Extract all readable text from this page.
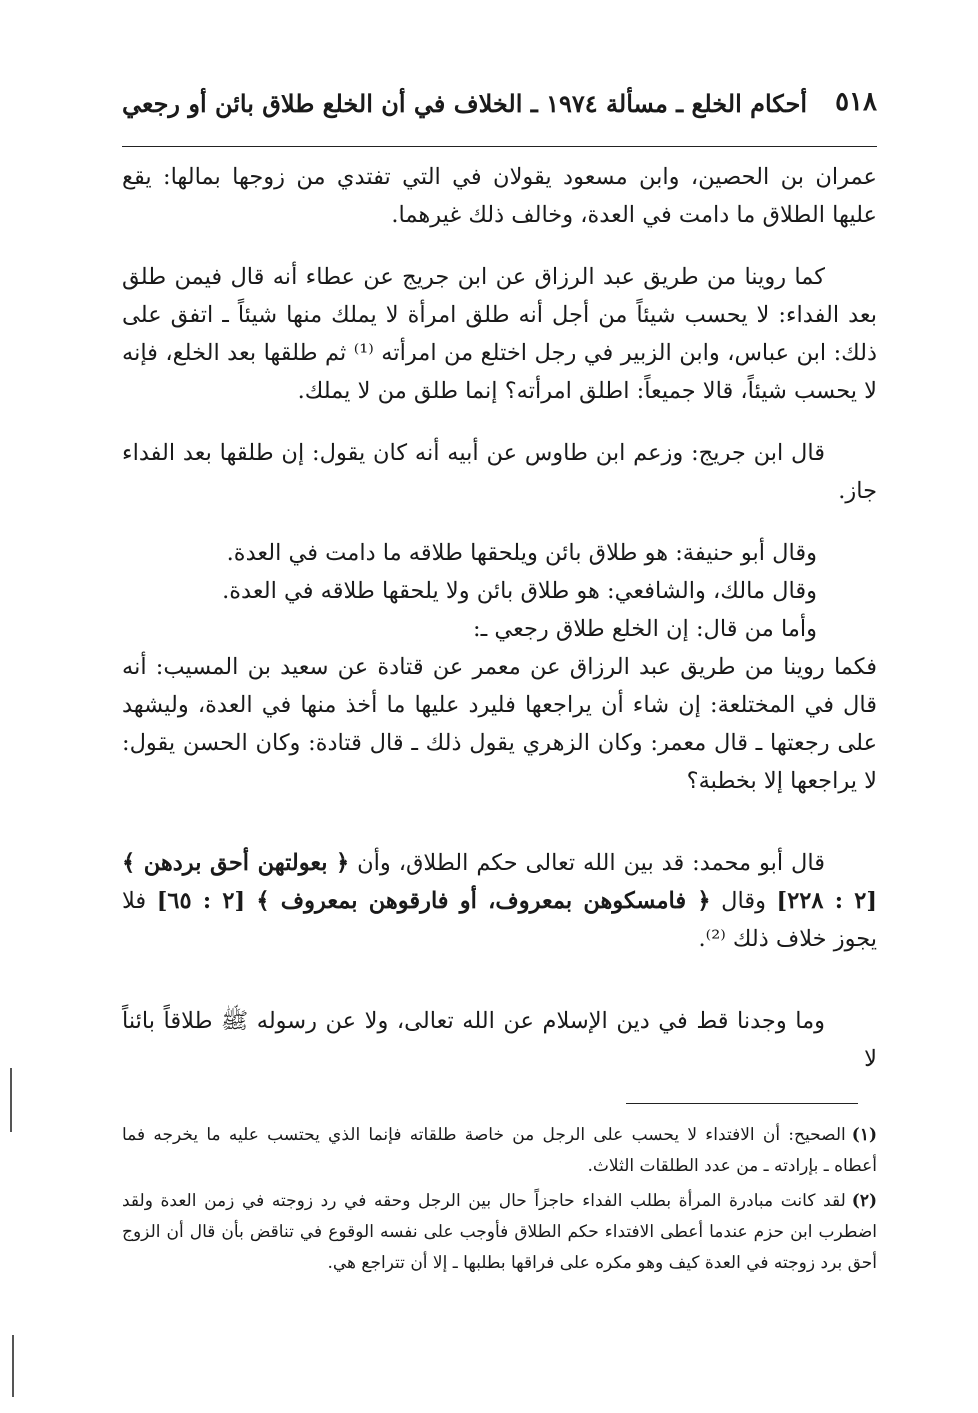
٥١٨
أحكام الخلع ـ مسألة ١٩٧٤ ـ الخلاف في أن الخلع طلاق بائن أو رجعي

عمران بن الحصين، وابن مسعود يقولان في التي تفتدي من زوجها بمالها: يقع عليها الطلاق ما دامت في العدة، وخالف ذلك غيرهما.

كما روينا من طريق عبد الرزاق عن ابن جريج عن عطاء أنه قال فيمن طلق بعد الفداء: لا يحسب شيئاً من أجل أنه طلق امرأة لا يملك منها شيئاً ـ اتفق على ذلك: ابن عباس، وابن الزبير في رجل اختلع من امرأته ⁽¹⁾ ثم طلقها بعد الخلع، فإنه لا يحسب شيئاً، قالا جميعاً: اطلق امرأته؟ إنما طلق من لا يملك.

قال ابن جريج: وزعم ابن طاوس عن أبيه أنه كان يقول: إن طلقها بعد الفداء جاز.

وقال أبو حنيفة: هو طلاق بائن ويلحقها طلاقه ما دامت في العدة.

وقال مالك، والشافعي: هو طلاق بائن ولا يلحقها طلاقه في العدة.

وأما من قال: إن الخلع طلاق رجعي ـ:

فكما روينا من طريق عبد الرزاق عن معمر عن قتادة عن سعيد بن المسيب: أنه قال في المختلعة: إن شاء أن يراجعها فليرد عليها ما أخذ منها في العدة، وليشهد على رجعتها ـ قال معمر: وكان الزهري يقول ذلك ـ قال قتادة: وكان الحسن يقول: لا يراجعها إلا بخطبة؟

قال أبو محمد: قد بين الله تعالى حكم الطلاق، وأن ﴿ بعولتهن أحق بردهن ﴾ [٢ : ٢٢٨] وقال ﴿ فامسكوهن بمعروف، أو فارقوهن بمعروف ﴾ [٢ : ٦٥] فلا يجوز خلاف ذلك ⁽²⁾.

وما وجدنا قط في دين الإسلام عن الله تعالى، ولا عن رسوله ﷺ طلاقاً بائناً لا

(١)الصحيح: أن الافتداء لا يحسب على الرجل من خاصة طلقاته فإنما الذي يحتسب عليه ما يخرجه فما أعطاه ـ بإرادته ـ من عدد الطلقات الثلاث.

(٢)لقد كانت مبادرة المرأة بطلب الفداء حاجزاً حال بين الرجل وحقه في رد زوجته في زمن العدة ولقد اضطرب ابن حزم عندما أعطى الافتداء حكم الطلاق فأوجب على نفسه الوقوع في تناقض بأن قال أن الزوج أحق برد زوجته في العدة كيف وهو مكره على فراقها بطلبها ـ إلا أن تتراجع هي.
